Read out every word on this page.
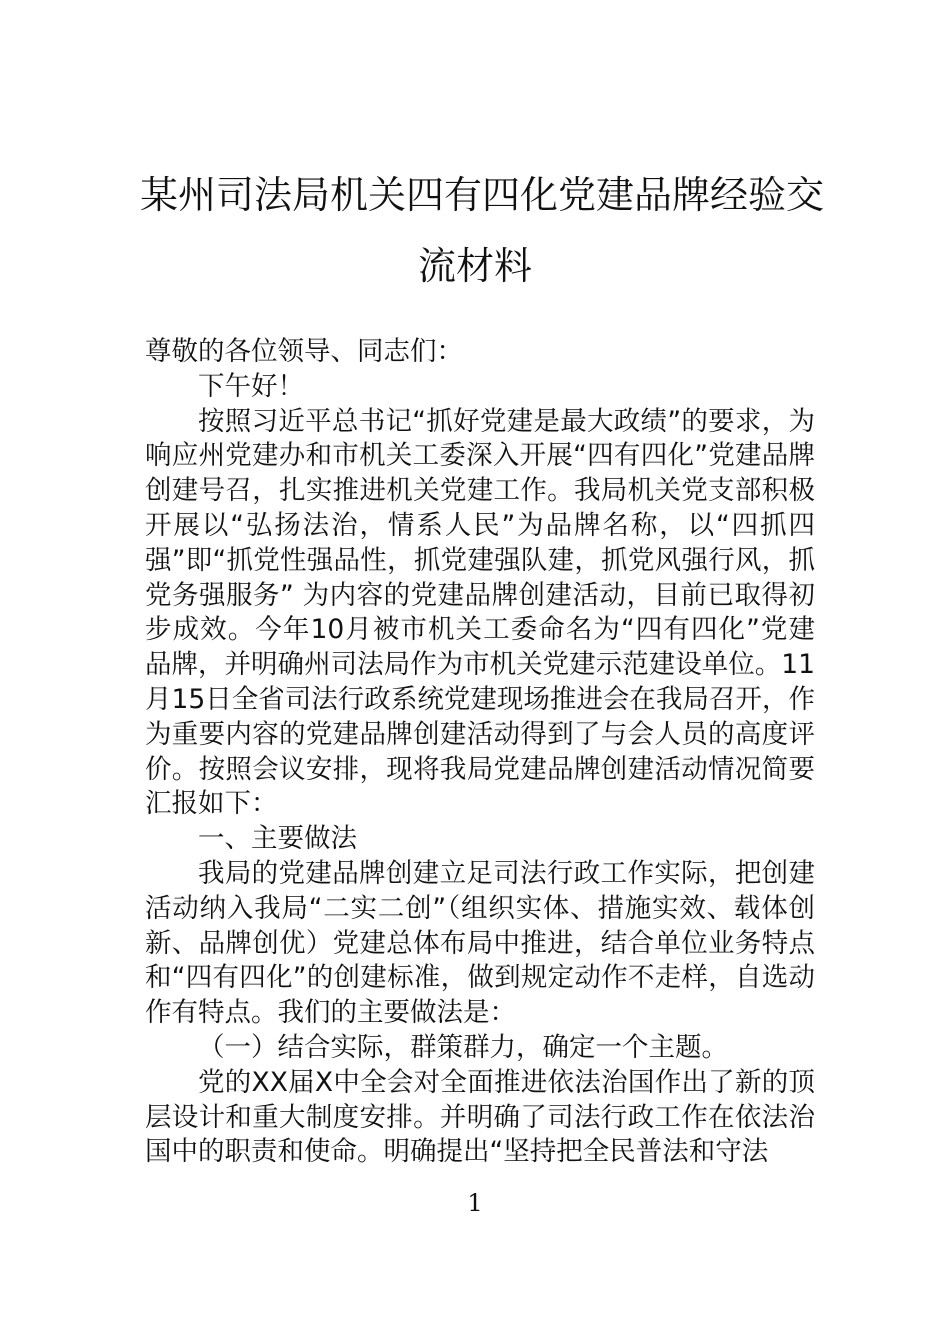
某州司法局机关四有四化党建品牌经验交
流材料

尊敬的各位领导、同志们：

下午好！

按照习近平总书记“抓好党建是最大政绩”的要求，为响应州党建办和市机关工委深入开展“四有四化”党建品牌创建号召，扎实推进机关党建工作。我局机关党支部积极开展以“弘扬法治，情系人民”为品牌名称，以“四抓四强”即“抓党性强品性，抓党建强队建，抓党风强行风，抓党务强服务” 为内容的党建品牌创建活动，目前已取得初步成效。今年10月被市机关工委命名为“四有四化”党建品牌，并明确州司法局作为市机关党建示范建设单位。11月15日全省司法行政系统党建现场推进会在我局召开，作为重要内容的党建品牌创建活动得到了与会人员的高度评价。按照会议安排，现将我局党建品牌创建活动情况简要汇报如下：

一、主要做法

我局的党建品牌创建立足司法行政工作实际，把创建活动纳入我局“二实二创”（组织实体、措施实效、载体创新、品牌创优）党建总体布局中推进，结合单位业务特点和“四有四化”的创建标准，做到规定动作不走样，自选动作有特点。我们的主要做法是：

（一）结合实际，群策群力，确定一个主题。

党的XX届X中全会对全面推进依法治国作出了新的顶层设计和重大制度安排。并明确了司法行政工作在依法治国中的职责和使命。明确提出“坚持把全民普法和守法

1
